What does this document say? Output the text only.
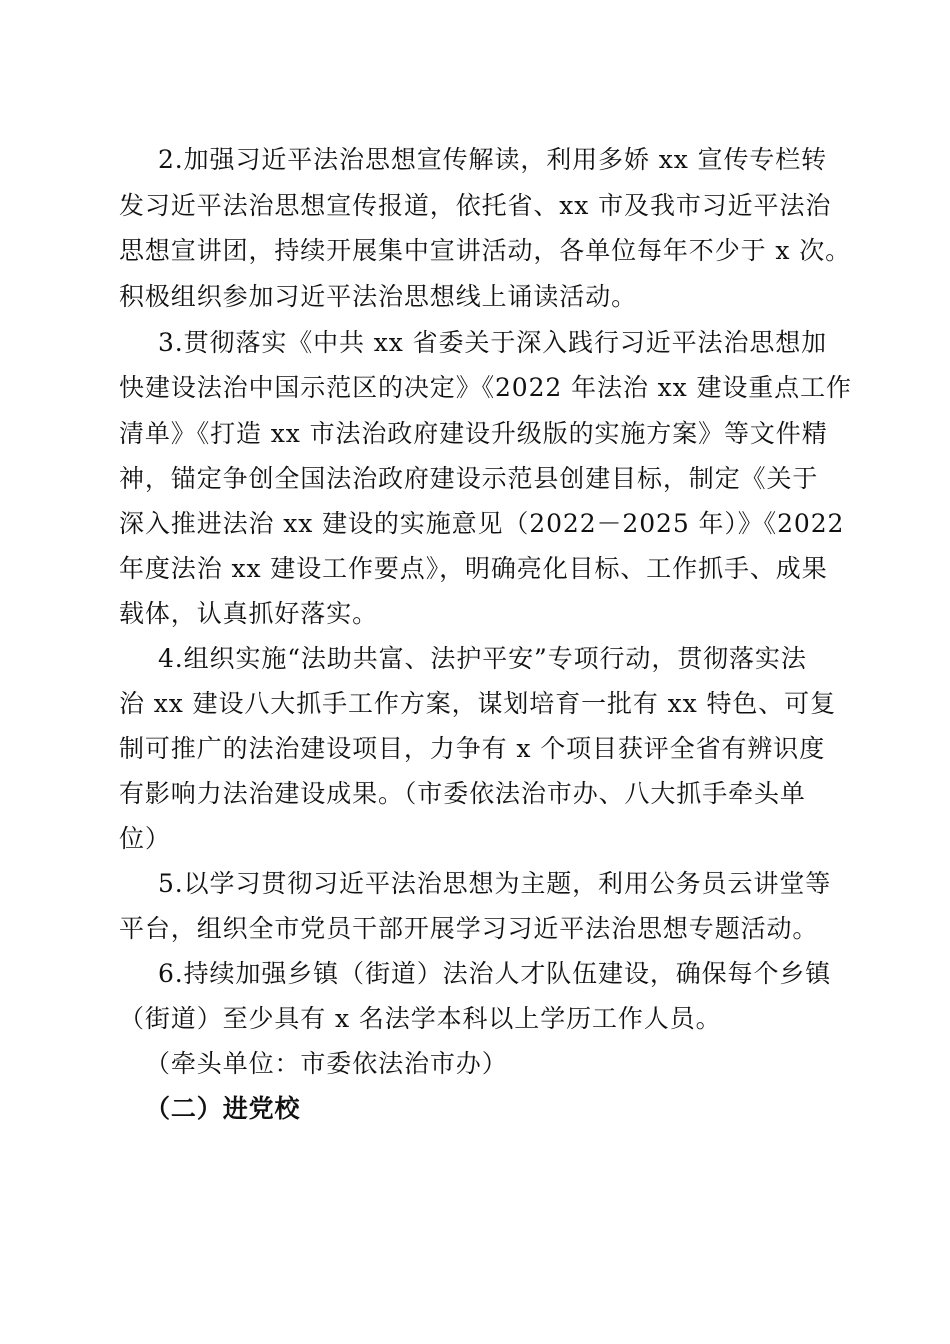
2.加强习近平法治思想宣传解读，利用多娇 xx 宣传专栏转
发习近平法治思想宣传报道，依托省、xx 市及我市习近平法治
思想宣讲团，持续开展集中宣讲活动，各单位每年不少于 x 次。
积极组织参加习近平法治思想线上诵读活动。
3.贯彻落实《中共 xx 省委关于深入践行习近平法治思想加
快建设法治中国示范区的决定》《2022 年法治 xx 建设重点工作
清单》《打造 xx 市法治政府建设升级版的实施方案》等文件精
神，锚定争创全国法治政府建设示范县创建目标，制定《关于
深入推进法治 xx 建设的实施意见（2022－2025 年）》《2022
年度法治 xx 建设工作要点》，明确亮化目标、工作抓手、成果
载体，认真抓好落实。
4.组织实施“法助共富、法护平安”专项行动，贯彻落实法
治 xx 建设八大抓手工作方案，谋划培育一批有 xx 特色、可复
制可推广的法治建设项目，力争有 x 个项目获评全省有辨识度
有影响力法治建设成果。（市委依法治市办、八大抓手牵头单
位）
5.以学习贯彻习近平法治思想为主题，利用公务员云讲堂等
平台，组织全市党员干部开展学习习近平法治思想专题活动。
6.持续加强乡镇（街道）法治人才队伍建设，确保每个乡镇
（街道）至少具有 x 名法学本科以上学历工作人员。
（牵头单位：市委依法治市办）
（二）进党校
